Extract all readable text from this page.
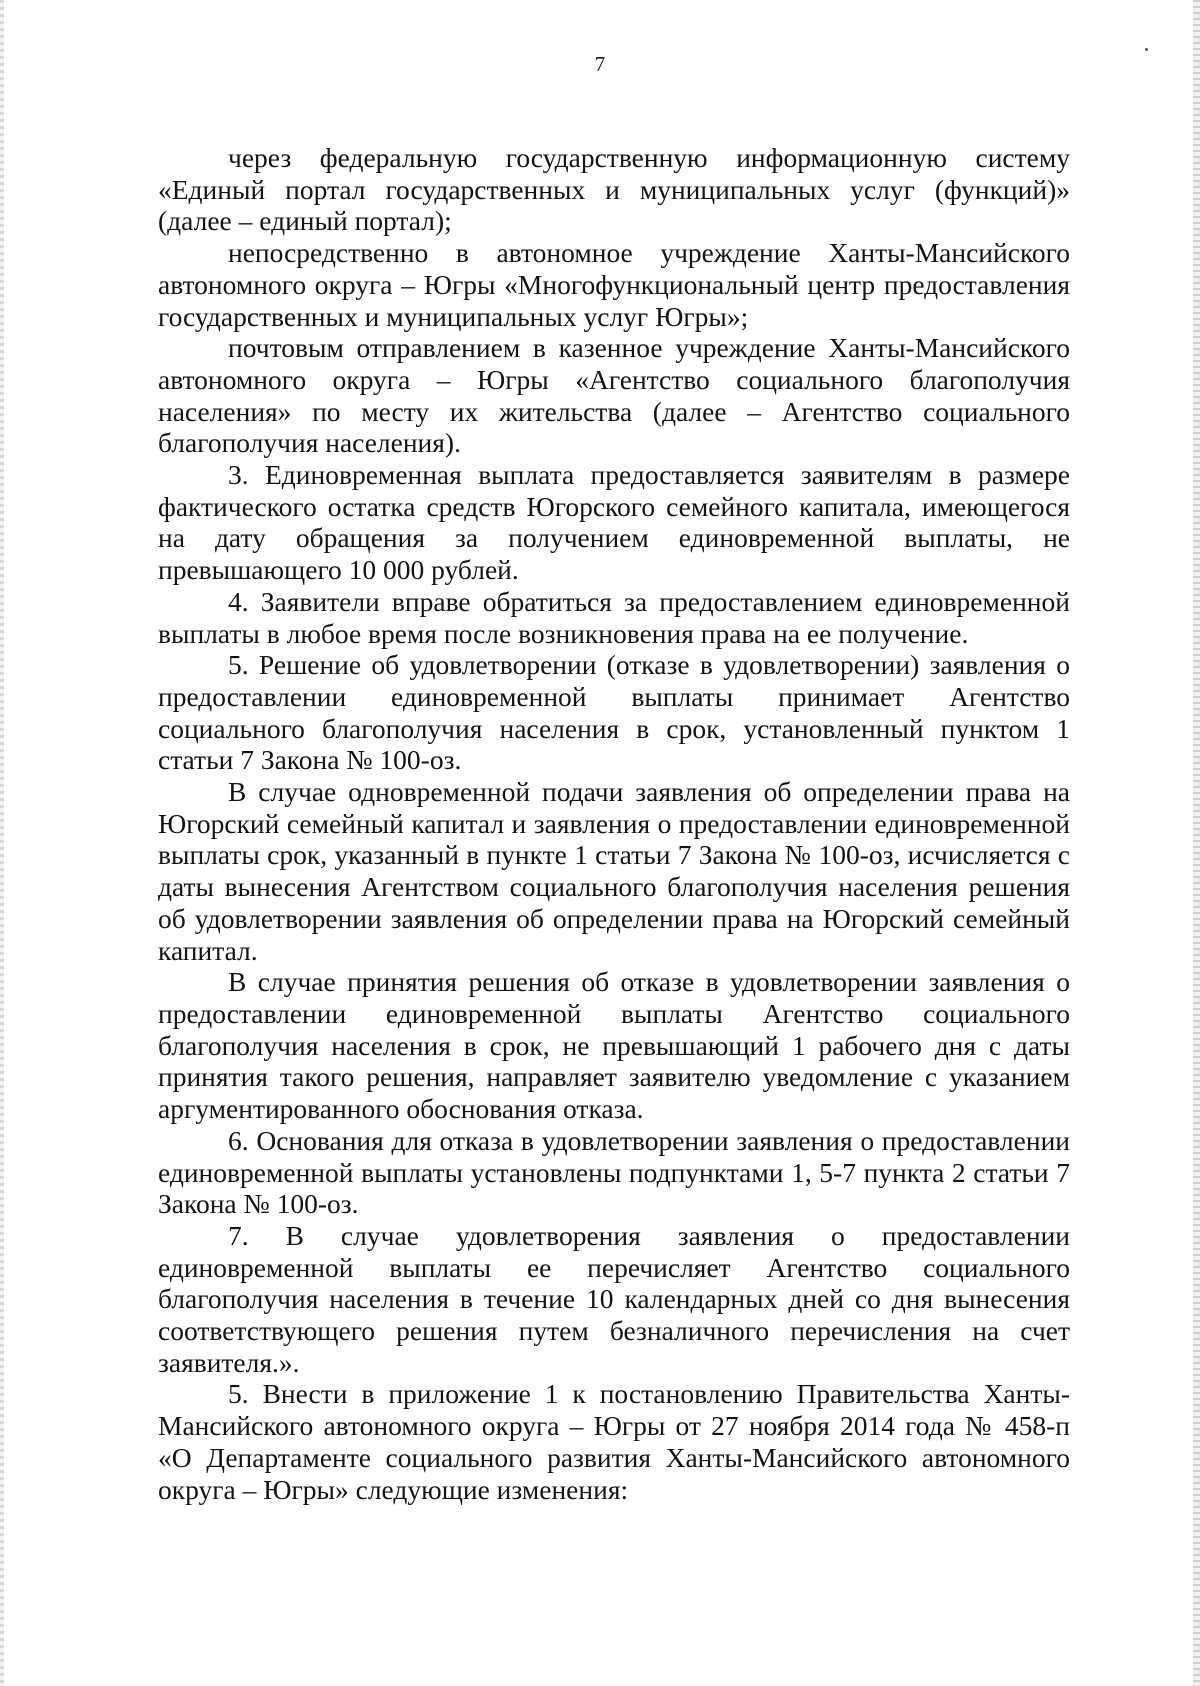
7

через федеральную государственную информационную систему «Единый портал государственных и муниципальных услуг (функций)» (далее – единый портал);

непосредственно в автономное учреждение Ханты-Мансийского автономного округа – Югры «Многофункциональный центр предоставления государственных и муниципальных услуг Югры»;

почтовым отправлением в казенное учреждение Ханты-Мансийского автономного округа – Югры «Агентство социального благополучия населения» по месту их жительства (далее – Агентство социального благополучия населения).

3. Единовременная выплата предоставляется заявителям в размере фактического остатка средств Югорского семейного капитала, имеющегося на дату обращения за получением единовременной выплаты, не превышающего 10 000 рублей.

4. Заявители вправе обратиться за предоставлением единовременной выплаты в любое время после возникновения права на ее получение.

5. Решение об удовлетворении (отказе в удовлетворении) заявления о предоставлении единовременной выплаты принимает Агентство социального благополучия населения в срок, установленный пунктом 1 статьи 7 Закона № 100-оз.

В случае одновременной подачи заявления об определении права на Югорский семейный капитал и заявления о предоставлении единовременной выплаты срок, указанный в пункте 1 статьи 7 Закона № 100-оз, исчисляется с даты вынесения Агентством социального благополучия населения решения об удовлетворении заявления об определении права на Югорский семейный капитал.

В случае принятия решения об отказе в удовлетворении заявления о предоставлении единовременной выплаты Агентство социального благополучия населения в срок, не превышающий 1 рабочего дня с даты принятия такого решения, направляет заявителю уведомление с указанием аргументированного обоснования отказа.

6. Основания для отказа в удовлетворении заявления о предоставлении единовременной выплаты установлены подпунктами 1, 5-7 пункта 2 статьи 7 Закона № 100-оз.

7. В случае удовлетворения заявления о предоставлении единовременной выплаты ее перечисляет Агентство социального благополучия населения в течение 10 календарных дней со дня вынесения соответствующего решения путем безналичного перечисления на счет заявителя.».

5. Внести в приложение 1 к постановлению Правительства Ханты-Мансийского автономного округа – Югры от 27 ноября 2014 года № 458-п «О Департаменте социального развития Ханты-Мансийского автономного округа – Югры» следующие изменения:
